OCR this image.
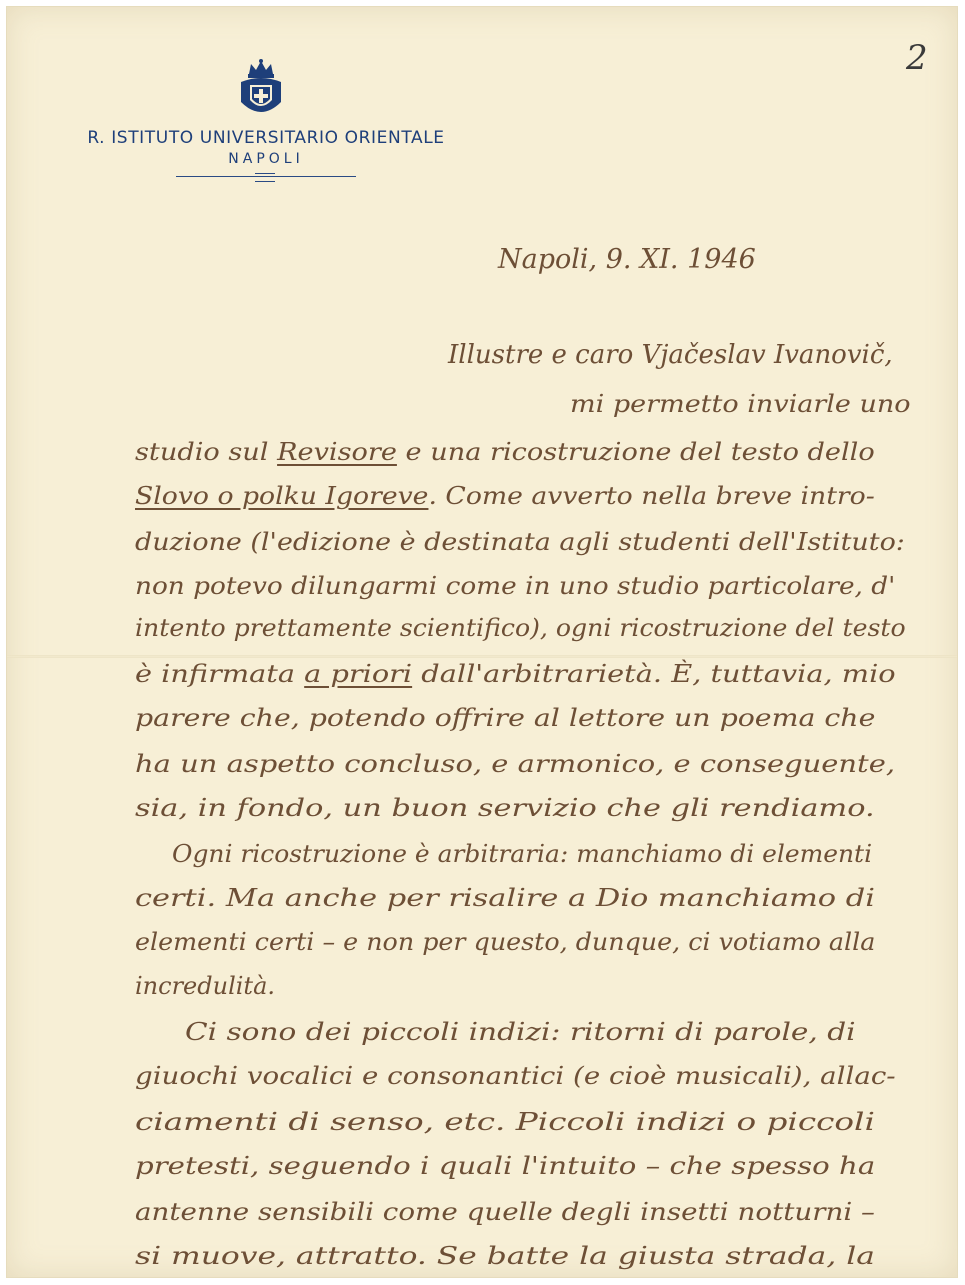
R. ISTITUTO UNIVERSITARIO ORIENTALE
NAPOLI
2
Napoli, 9. XI. 1946
Illustre e caro Vjačeslav Ivanovič,
mi permetto inviarle uno
studio sul Revisore e una ricostruzione del testo dello
Slovo o polku Igoreve. Come avverto nella breve intro-
duzione (l'edizione è destinata agli studenti dell'Istituto:
non potevo dilungarmi come in uno studio particolare, d'
intento prettamente scientifico), ogni ricostruzione del testo
è infirmata a priori dall'arbitrarietà. È, tuttavia, mio
parere che, potendo offrire al lettore un poema che
ha un aspetto concluso, e armonico, e conseguente,
sia, in fondo, un buon servizio che gli rendiamo.
Ogni ricostruzione è arbitraria: manchiamo di elementi
certi. Ma anche per risalire a Dio manchiamo di
elementi certi – e non per questo, dunque, ci votiamo alla
incredulità.
Ci sono dei piccoli indizi: ritorni di parole, di
giuochi vocalici e consonantici (e cioè musicali), allac-
ciamenti di senso, etc. Piccoli indizi o piccoli
pretesti, seguendo i quali l'intuito – che spesso ha
antenne sensibili come quelle degli insetti notturni –
si muove, attratto. Se batte la giusta strada, la
